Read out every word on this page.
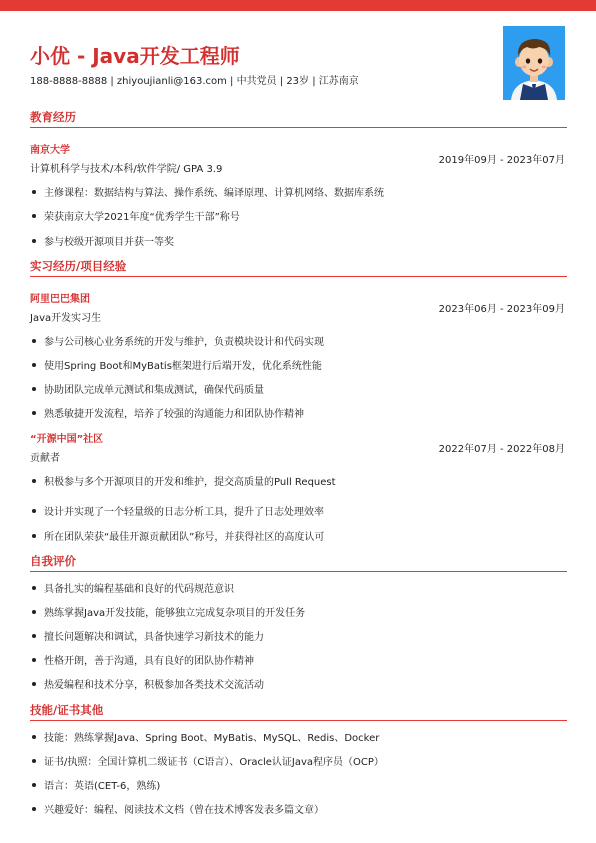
小优 - Java开发工程师
188-8888-8888 | zhiyoujianli@163.com | 中共党员 | 23岁 | 江苏南京
教育经历
南京大学
计算机科学与技术/本科/软件学院/ GPA 3.9
2019年09月 - 2023年07月
主修课程：数据结构与算法、操作系统、编译原理、计算机网络、数据库系统
荣获南京大学2021年度“优秀学生干部”称号
参与校级开源项目并获一等奖
实习经历/项目经验
阿里巴巴集团
Java开发实习生
2023年06月 - 2023年09月
参与公司核心业务系统的开发与维护，负责模块设计和代码实现
使用Spring Boot和MyBatis框架进行后端开发，优化系统性能
协助团队完成单元测试和集成测试，确保代码质量
熟悉敏捷开发流程，培养了较强的沟通能力和团队协作精神
“开源中国”社区
贡献者
2022年07月 - 2022年08月
积极参与多个开源项目的开发和维护，提交高质量的Pull Request
设计并实现了一个轻量级的日志分析工具，提升了日志处理效率
所在团队荣获“最佳开源贡献团队”称号，并获得社区的高度认可
自我评价
具备扎实的编程基础和良好的代码规范意识
熟练掌握Java开发技能，能够独立完成复杂项目的开发任务
擅长问题解决和调试，具备快速学习新技术的能力
性格开朗，善于沟通，具有良好的团队协作精神
热爱编程和技术分享，积极参加各类技术交流活动
技能/证书其他
技能：熟练掌握Java、Spring Boot、MyBatis、MySQL、Redis、Docker
证书/执照：全国计算机二级证书（C语言）、Oracle认证Java程序员（OCP）
语言：英语(CET-6，熟练)
兴趣爱好：编程、阅读技术文档（曾在技术博客发表多篇文章）
